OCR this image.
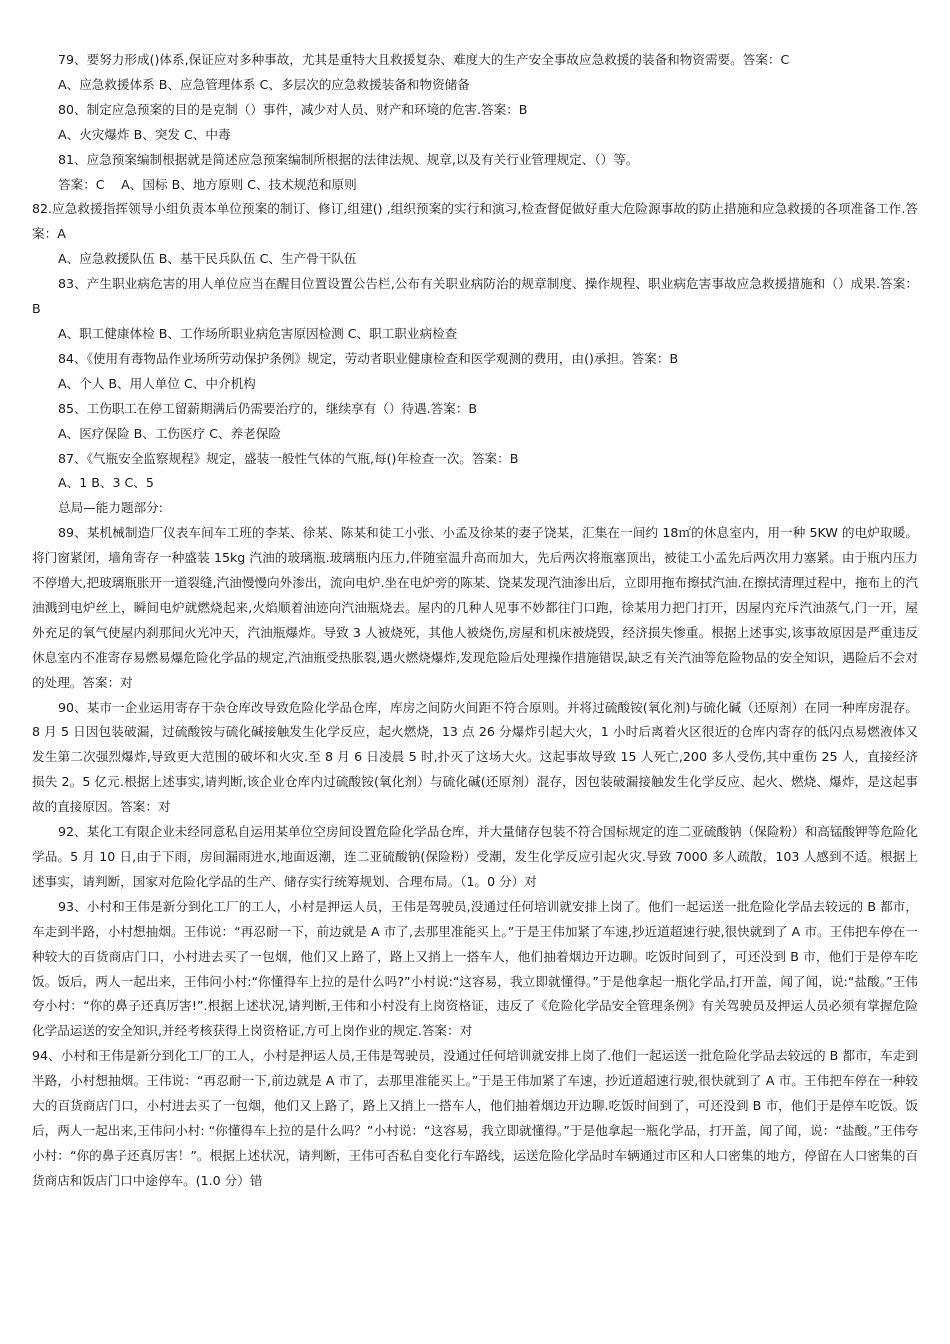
79、要努力形成()体系,保证应对多种事故，尤其是重特大且救援复杂、难度大的生产安全事故应急救援的装备和物资需要。答案：C

A、应急救援体系 B、应急管理体系 C、多层次的应急救援装备和物资储备

80、制定应急预案的目的是克制（）事件，减少对人员、财产和环境的危害.答案：B

A、火灾爆炸 B、突发 C、中毒

81、应急预案编制根据就是简述应急预案编制所根据的法律法规、规章,以及有关行业管理规定、（）等。

答案：C　 A、国标 B、地方原则 C、技术规范和原则

82.应急救援指挥领导小组负责本单位预案的制订、修订,组建() ,组织预案的实行和演习,检查督促做好重大危险源事故的防止措施和应急救援的各项准备工作.答案：A

A、应急救援队伍 B、基干民兵队伍 C、生产骨干队伍

83、产生职业病危害的用人单位应当在醒目位置设置公告栏,公布有关职业病防治的规章制度、操作规程、职业病危害事故应急救援措施和（）成果.答案：B

A、职工健康体检 B、工作场所职业病危害原因检测 C、职工职业病检查

84、《使用有毒物品作业场所劳动保护条例》规定，劳动者职业健康检查和医学观测的费用，由()承担。答案：B

A、个人 B、用人单位 C、中介机构

85、工伤职工在停工留薪期满后仍需要治疗的，继续享有（）待遇.答案：B

A、医疗保险 B、工伤医疗 C、养老保险

87、《气瓶安全监察规程》规定，盛装一般性气体的气瓶,每()年检查一次。答案：B

A、1 B、3 C、5

总局—能力题部分:

89、某机械制造厂仪表车间车工班的李某、徐某、陈某和徒工小张、小孟及徐某的妻子饶某，汇集在一间约 18㎡的休息室内，用一种 5KW 的电炉取暖。将门窗紧闭，墙角寄存一种盛装 15kg 汽油的玻璃瓶.玻璃瓶内压力,伴随室温升高而加大，先后两次将瓶塞顶出，被徒工小孟先后两次用力塞紧。由于瓶内压力不停增大,把玻璃瓶胀开一道裂缝,汽油慢慢向外渗出，流向电炉.坐在电炉旁的陈某、饶某发现汽油渗出后，立即用拖布擦拭汽油.在擦拭清理过程中，拖布上的汽油溅到电炉丝上，瞬间电炉就燃烧起来,火焰顺着油迹向汽油瓶烧去。屋内的几种人见事不妙都往门口跑，徐某用力把门打开，因屋内充斥汽油蒸气,门一开，屋外充足的氧气使屋内刹那间火光冲天，汽油瓶爆炸。导致 3 人被烧死，其他人被烧伤,房屋和机床被烧毁，经济损失惨重。根据上述事实,该事故原因是严重违反休息室内不准寄存易燃易爆危险化学品的规定,汽油瓶受热胀裂,遇火燃烧爆炸,发现危险后处理操作措施错误,缺乏有关汽油等危险物品的安全知识，遇险后不会对的处理。答案：对

90、某市一企业运用寄存干杂仓库改导致危险化学品仓库，库房之间防火间距不符合原则。并将过硫酸铵(氧化剂)与硫化碱（还原剂）在同一种库房混存。8 月 5 日因包装破漏，过硫酸铵与硫化碱接触发生化学反应，起火燃烧，13 点 26 分爆炸引起大火，1 小时后离着火区很近的仓库内寄存的低闪点易燃液体又发生第二次强烈爆炸,导致更大范围的破坏和火灾.至 8 月 6 日凌晨 5 时,扑灭了这场大火。这起事故导致 15 人死亡,200 多人受伤,其中重伤 25 人，直接经济损失 2。5 亿元.根据上述事实,请判断,该企业仓库内过硫酸铵(氧化剂）与硫化碱(还原剂）混存，因包装破漏接触发生化学反应、起火、燃烧、爆炸，是这起事故的直接原因。答案：对

92、某化工有限企业未经同意私自运用某单位空房间设置危险化学品仓库，并大量储存包装不符合国标规定的连二亚硫酸钠（保险粉）和高锰酸钾等危险化学品。5 月 10 日,由于下雨，房间漏雨进水,地面返潮，连二亚硫酸钠(保险粉）受潮，发生化学反应引起火灾.导致 7000 多人疏散，103 人感到不适。根据上述事实，请判断，国家对危险化学品的生产、储存实行统筹规划、合理布局。（1。0 分）对

93、小村和王伟是新分到化工厂的工人，小村是押运人员，王伟是驾驶员,没通过任何培训就安排上岗了。他们一起运送一批危险化学品去较远的 B 都市，车走到半路，小村想抽烟。王伟说：“再忍耐一下，前边就是 A 市了,去那里准能买上。”于是王伟加紧了车速,抄近道超速行驶,很快就到了 A 市。王伟把车停在一种较大的百货商店门口，小村进去买了一包烟，他们又上路了，路上又捎上一搭车人，他们抽着烟边开边聊。吃饭时间到了，可还没到 B 市，他们于是停车吃饭。饭后，两人一起出来，王伟问小村:“你懂得车上拉的是什么吗?”小村说:“这容易，我立即就懂得。”于是他拿起一瓶化学品,打开盖，闻了闻，说:“盐酸。”王伟夸小村：“你的鼻子还真厉害!”.根据上述状况,请判断,王伟和小村没有上岗资格证，违反了《危险化学品安全管理条例》有关驾驶员及押运人员必须有掌握危险化学品运送的安全知识,并经考核获得上岗资格证,方可上岗作业的规定.答案：对

94、小村和王伟是新分到化工厂的工人，小村是押运人员,王伟是驾驶员，没通过任何培训就安排上岗了.他们一起运送一批危险化学品去较远的 B 都市，车走到半路，小村想抽烟。王伟说：“再忍耐一下,前边就是 A 市了，去那里准能买上。”于是王伟加紧了车速，抄近道超速行驶,很快就到了 A 市。王伟把车停在一种较大的百货商店门口，小村进去买了一包烟，他们又上路了，路上又捎上一搭车人，他们抽着烟边开边聊.吃饭时间到了，可还没到 B 市，他们于是停车吃饭。饭后，两人一起出来,王伟问小村: “你懂得车上拉的是什么吗？”小村说：“这容易，我立即就懂得。”于是他拿起一瓶化学品，打开盖，闻了闻，说：“盐酸。”王伟夸小村：“你的鼻子还真厉害！”。根据上述状况，请判断，王伟可否私自变化行车路线，运送危险化学品时车辆通过市区和人口密集的地方，停留在人口密集的百货商店和饭店门口中途停车。(1.0 分）错
